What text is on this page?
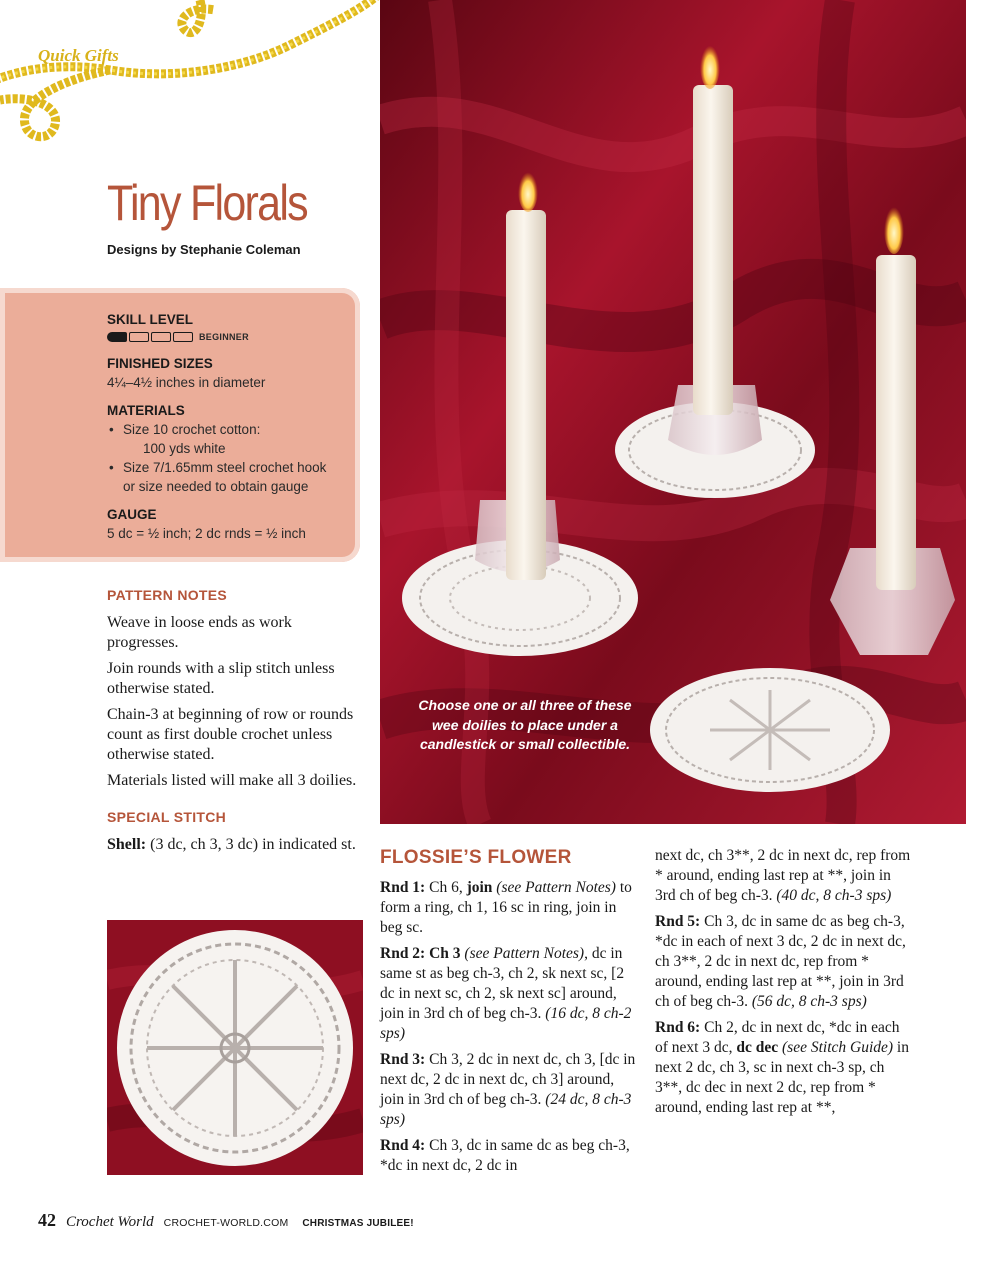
Quick Gifts
Tiny Florals
Designs by Stephanie Coleman
SKILL LEVEL
BEGINNER
FINISHED SIZES
4¼–4½ inches in diameter
MATERIALS
• Size 10 crochet cotton:
100 yds white
• Size 7/1.65mm steel crochet hook
or size needed to obtain gauge
GAUGE
5 dc = ½ inch; 2 dc rnds = ½ inch
PATTERN NOTES

Weave in loose ends as work progresses.

Join rounds with a slip stitch unless otherwise stated.

Chain-3 at beginning of row or rounds count as first double crochet unless otherwise stated.

Materials listed will make all 3 doilies.

SPECIAL STITCH

Shell: (3 dc, ch 3, 3 dc) in indicated st.

Choose one or all three of these wee doilies to place under a candlestick or small collectible.
FLOSSIE’S FLOWER

Rnd 1: Ch 6, join (see Pattern Notes) to form a ring, ch 1, 16 sc in ring, join in beg sc.

Rnd 2: Ch 3 (see Pattern Notes), dc in same st as beg ch-3, ch 2, sk next sc, [2 dc in next sc, ch 2, sk next sc] around, join in 3rd ch of beg ch-3. (16 dc, 8 ch-2 sps)

Rnd 3: Ch 3, 2 dc in next dc, ch 3, [dc in next dc, 2 dc in next dc, ch 3] around, join in 3rd ch of beg ch-3. (24 dc, 8 ch-3 sps)

Rnd 4: Ch 3, dc in same dc as beg ch-3, *dc in next dc, 2 dc in

next dc, ch 3**, 2 dc in next dc, rep from * around, ending last rep at **, join in 3rd ch of beg ch-3. (40 dc, 8 ch-3 sps)

Rnd 5: Ch 3, dc in same dc as beg ch-3, *dc in each of next 3 dc, 2 dc in next dc, ch 3**, 2 dc in next dc, rep from * around, ending last rep at **, join in 3rd ch of beg ch-3. (56 dc, 8 ch-3 sps)

Rnd 6: Ch 2, dc in next dc, *dc in each of next 3 dc, dc dec (see Stitch Guide) in next 2 dc, ch 3, sc in next ch-3 sp, ch 3**, dc dec in next 2 dc, rep from * around, ending last rep at **,

42 Crochet World CROCHET-WORLD.COM CHRISTMAS JUBILEE!
